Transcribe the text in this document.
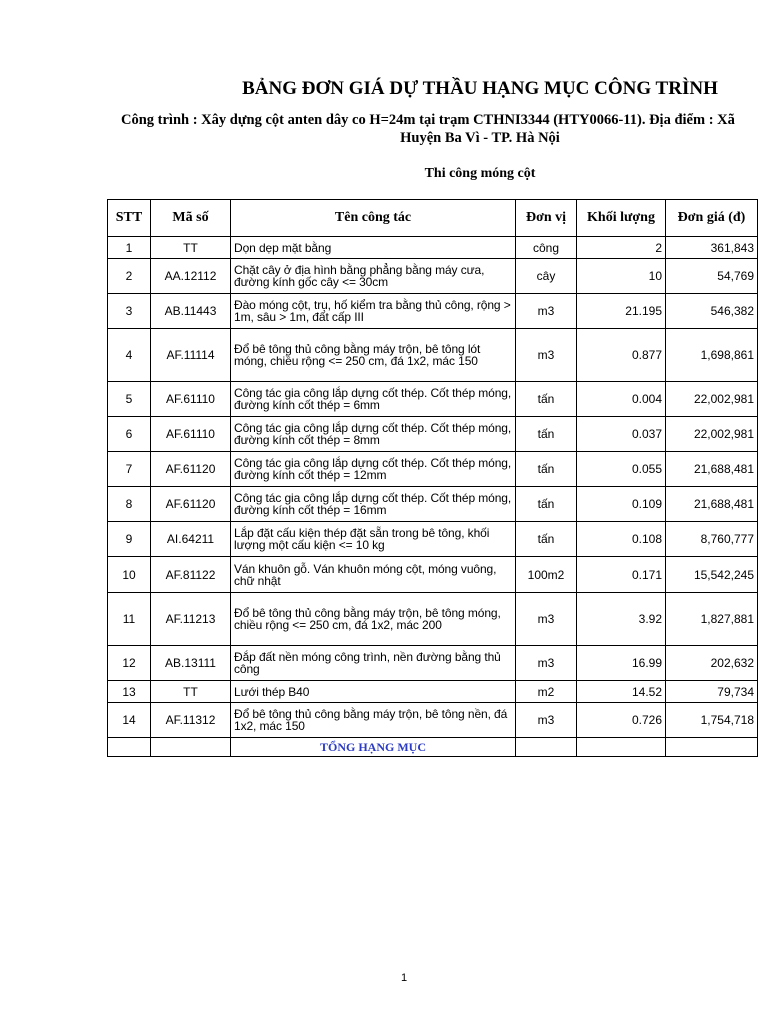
BẢNG ĐƠN GIÁ DỰ THẦU HẠNG MỤC CÔNG TRÌNH
Công trình : Xây dựng cột anten dây co H=24m tại trạm CTHNI3344 (HTY0066-11). Địa điểm : Xã
Huyện Ba Vì - TP. Hà Nội
Thi công móng cột
STT	Mã số	Tên công tác	Đơn vị	Khối lượng	Đơn giá (đ)
1	TT	Dọn dẹp mặt bằng	công	2	361,843
2	AA.12112	Chặt cây ở địa hình bằng phẳng bằng máy cưa, đường kính gốc cây <= 30cm	cây	10	54,769
3	AB.11443	Đào móng cột, trụ, hố kiểm tra bằng thủ công, rộng > 1m, sâu > 1m, đất cấp III	m3	21.195	546,382
4	AF.11114	Đổ bê tông thủ công bằng máy trộn, bê tông lót móng, chiều rộng <= 250 cm, đá 1x2, mác 150	m3	0.877	1,698,861
5	AF.61110	Công tác gia công lắp dựng cốt thép. Cốt thép móng, đường kính cốt thép = 6mm	tấn	0.004	22,002,981
6	AF.61110	Công tác gia công lắp dựng cốt thép. Cốt thép móng, đường kính cốt thép = 8mm	tấn	0.037	22,002,981
7	AF.61120	Công tác gia công lắp dựng cốt thép. Cốt thép móng, đường kính cốt thép = 12mm	tấn	0.055	21,688,481
8	AF.61120	Công tác gia công lắp dựng cốt thép. Cốt thép móng, đường kính cốt thép = 16mm	tấn	0.109	21,688,481
9	AI.64211	Lắp đặt cấu kiện thép đặt sẵn trong bê tông, khối lượng một cấu kiện <= 10 kg	tấn	0.108	8,760,777
10	AF.81122	Ván khuôn gỗ. Ván khuôn móng cột, móng vuông, chữ nhật	100m2	0.171	15,542,245
11	AF.11213	Đổ bê tông thủ công bằng máy trộn, bê tông móng, chiều rộng <= 250 cm, đá 1x2, mác 200	m3	3.92	1,827,881
12	AB.13111	Đắp đất nền móng công trình, nền đường bằng thủ công	m3	16.99	202,632
13	TT	Lưới thép B40	m2	14.52	79,734
14	AF.11312	Đổ bê tông thủ công bằng máy trộn, bê tông nền, đá 1x2, mác 150	m3	0.726	1,754,718
		TỔNG HẠNG MỤC			
1
